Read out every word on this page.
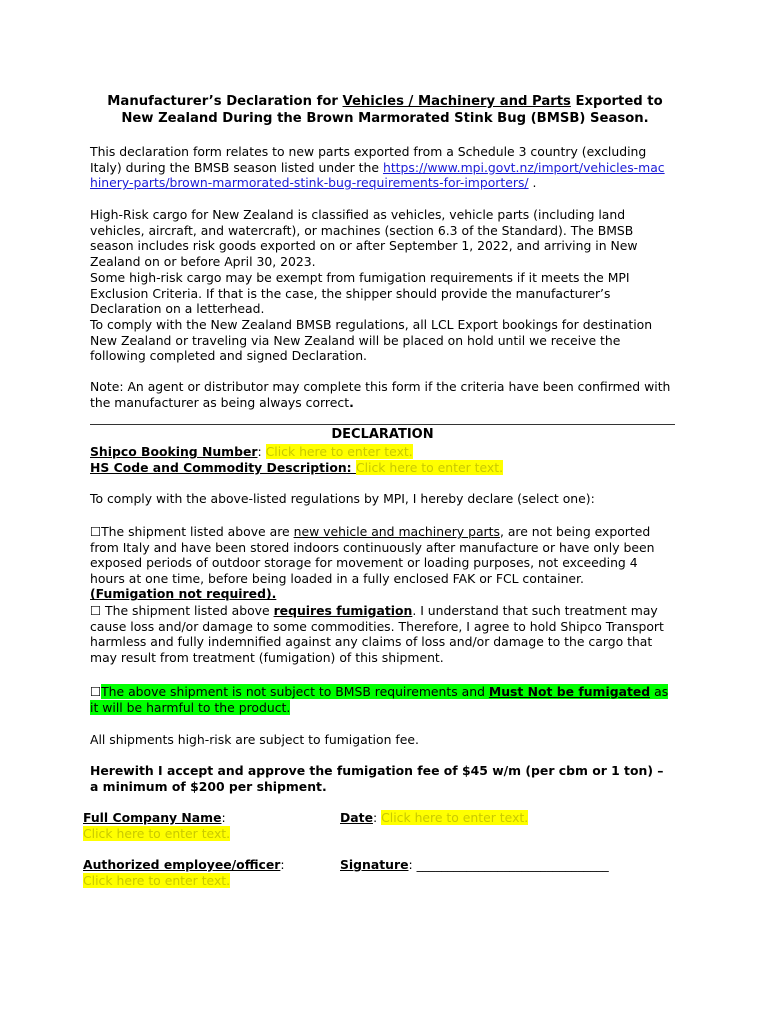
Manufacturer’s Declaration for Vehicles / Machinery and Parts Exported to
New Zealand During the Brown Marmorated Stink Bug (BMSB) Season.

This declaration form relates to new parts exported from a Schedule 3 country (excluding Italy) during the BMSB season listed under the https://www.mpi.govt.nz/import/vehicles-machinery-parts/brown-marmorated-stink-bug-requirements-for-importers/ .

High-Risk cargo for New Zealand is classified as vehicles, vehicle parts (including land vehicles, aircraft, and watercraft), or machines (section 6.3 of the Standard). The BMSB season includes risk goods exported on or after September 1, 2022, and arriving in New Zealand on or before April 30, 2023.

Some high-risk cargo may be exempt from fumigation requirements if it meets the MPI Exclusion Criteria. If that is the case, the shipper should provide the manufacturer’s Declaration on a letterhead.

To comply with the New Zealand BMSB regulations, all LCL Export bookings for destination New Zealand or traveling via New Zealand will be placed on hold until we receive the following completed and signed Declaration.

Note: An agent or distributor may complete this form if the criteria have been confirmed with the manufacturer as being always correct.

DECLARATION

Shipco Booking Number: Click here to enter text.

HS Code and Commodity Description: Click here to enter text.

To comply with the above-listed regulations by MPI, I hereby declare (select one):

☐The shipment listed above are new vehicle and machinery parts, are not being exported from Italy and have been stored indoors continuously after manufacture or have only been exposed periods of outdoor storage for movement or loading purposes, not exceeding 4 hours at one time, before being loaded in a fully enclosed FAK or FCL container.
(Fumigation not required).

☐ The shipment listed above requires fumigation. I understand that such treatment may cause loss and/or damage to some commodities. Therefore, I agree to hold Shipco Transport harmless and fully indemnified against any claims of loss and/or damage to the cargo that may result from treatment (fumigation) of this shipment.

☐The above shipment is not subject to BMSB requirements and Must Not be fumigated as it will be harmful to the product.

All shipments high-risk are subject to fumigation fee.

Herewith I accept and approve the fumigation fee of $45 w/m (per cbm or 1 ton) – a minimum of $200 per shipment.

Full Company Name:

Click here to enter text.

Date: Click here to enter text.

Authorized employee/officer:

Click here to enter text.

Signature: _______________________________
